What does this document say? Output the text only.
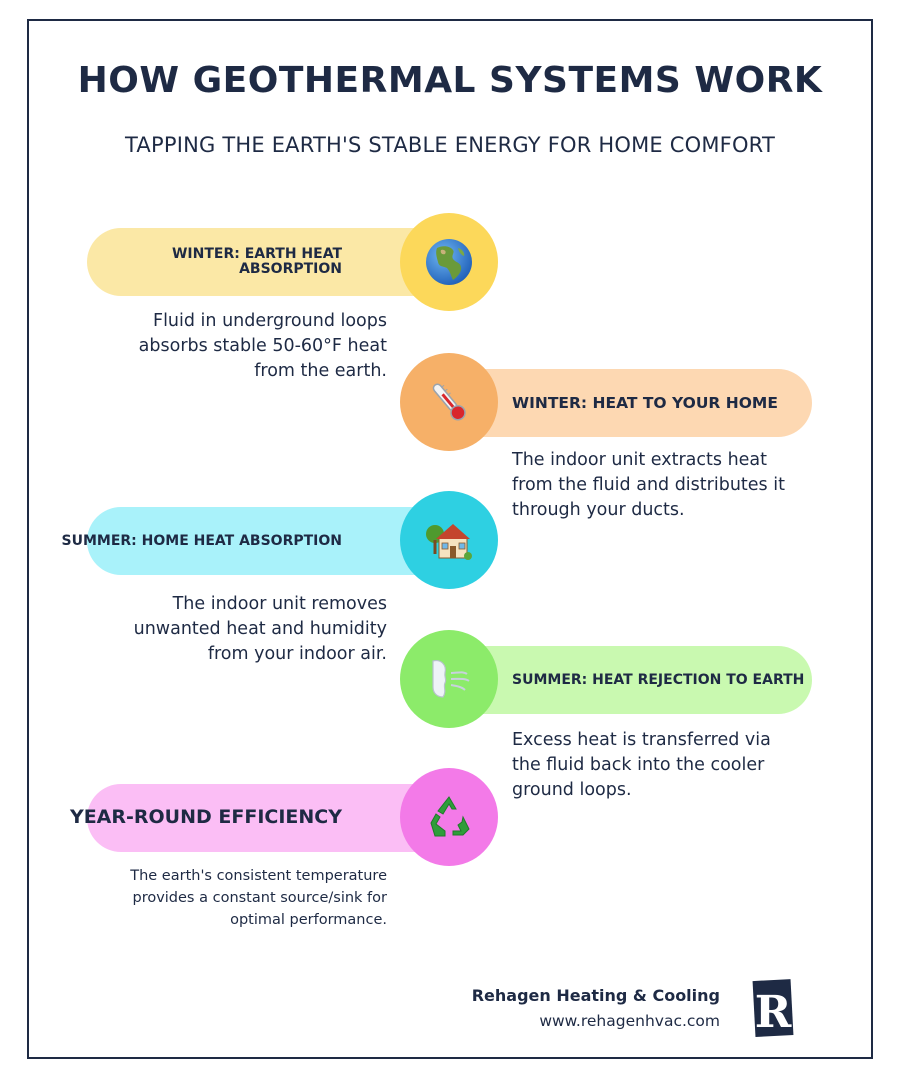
HOW GEOTHERMAL SYSTEMS WORK
TAPPING THE EARTH'S STABLE ENERGY FOR HOME COMFORT
WINTER: EARTH HEAT ABSORPTION
Fluid in underground loops absorbs stable 50-60°F heat from the earth.
WINTER: HEAT TO YOUR HOME
The indoor unit extracts heat from the fluid and distributes it through your ducts.
SUMMER: HOME HEAT ABSORPTION
The indoor unit removes unwanted heat and humidity from your indoor air.
SUMMER: HEAT REJECTION TO EARTH
Excess heat is transferred via the fluid back into the cooler ground loops.
YEAR-ROUND EFFICIENCY
The earth's consistent temperature provides a constant source/sink for optimal performance.
Rehagen Heating & Cooling
www.rehagenhvac.com R
